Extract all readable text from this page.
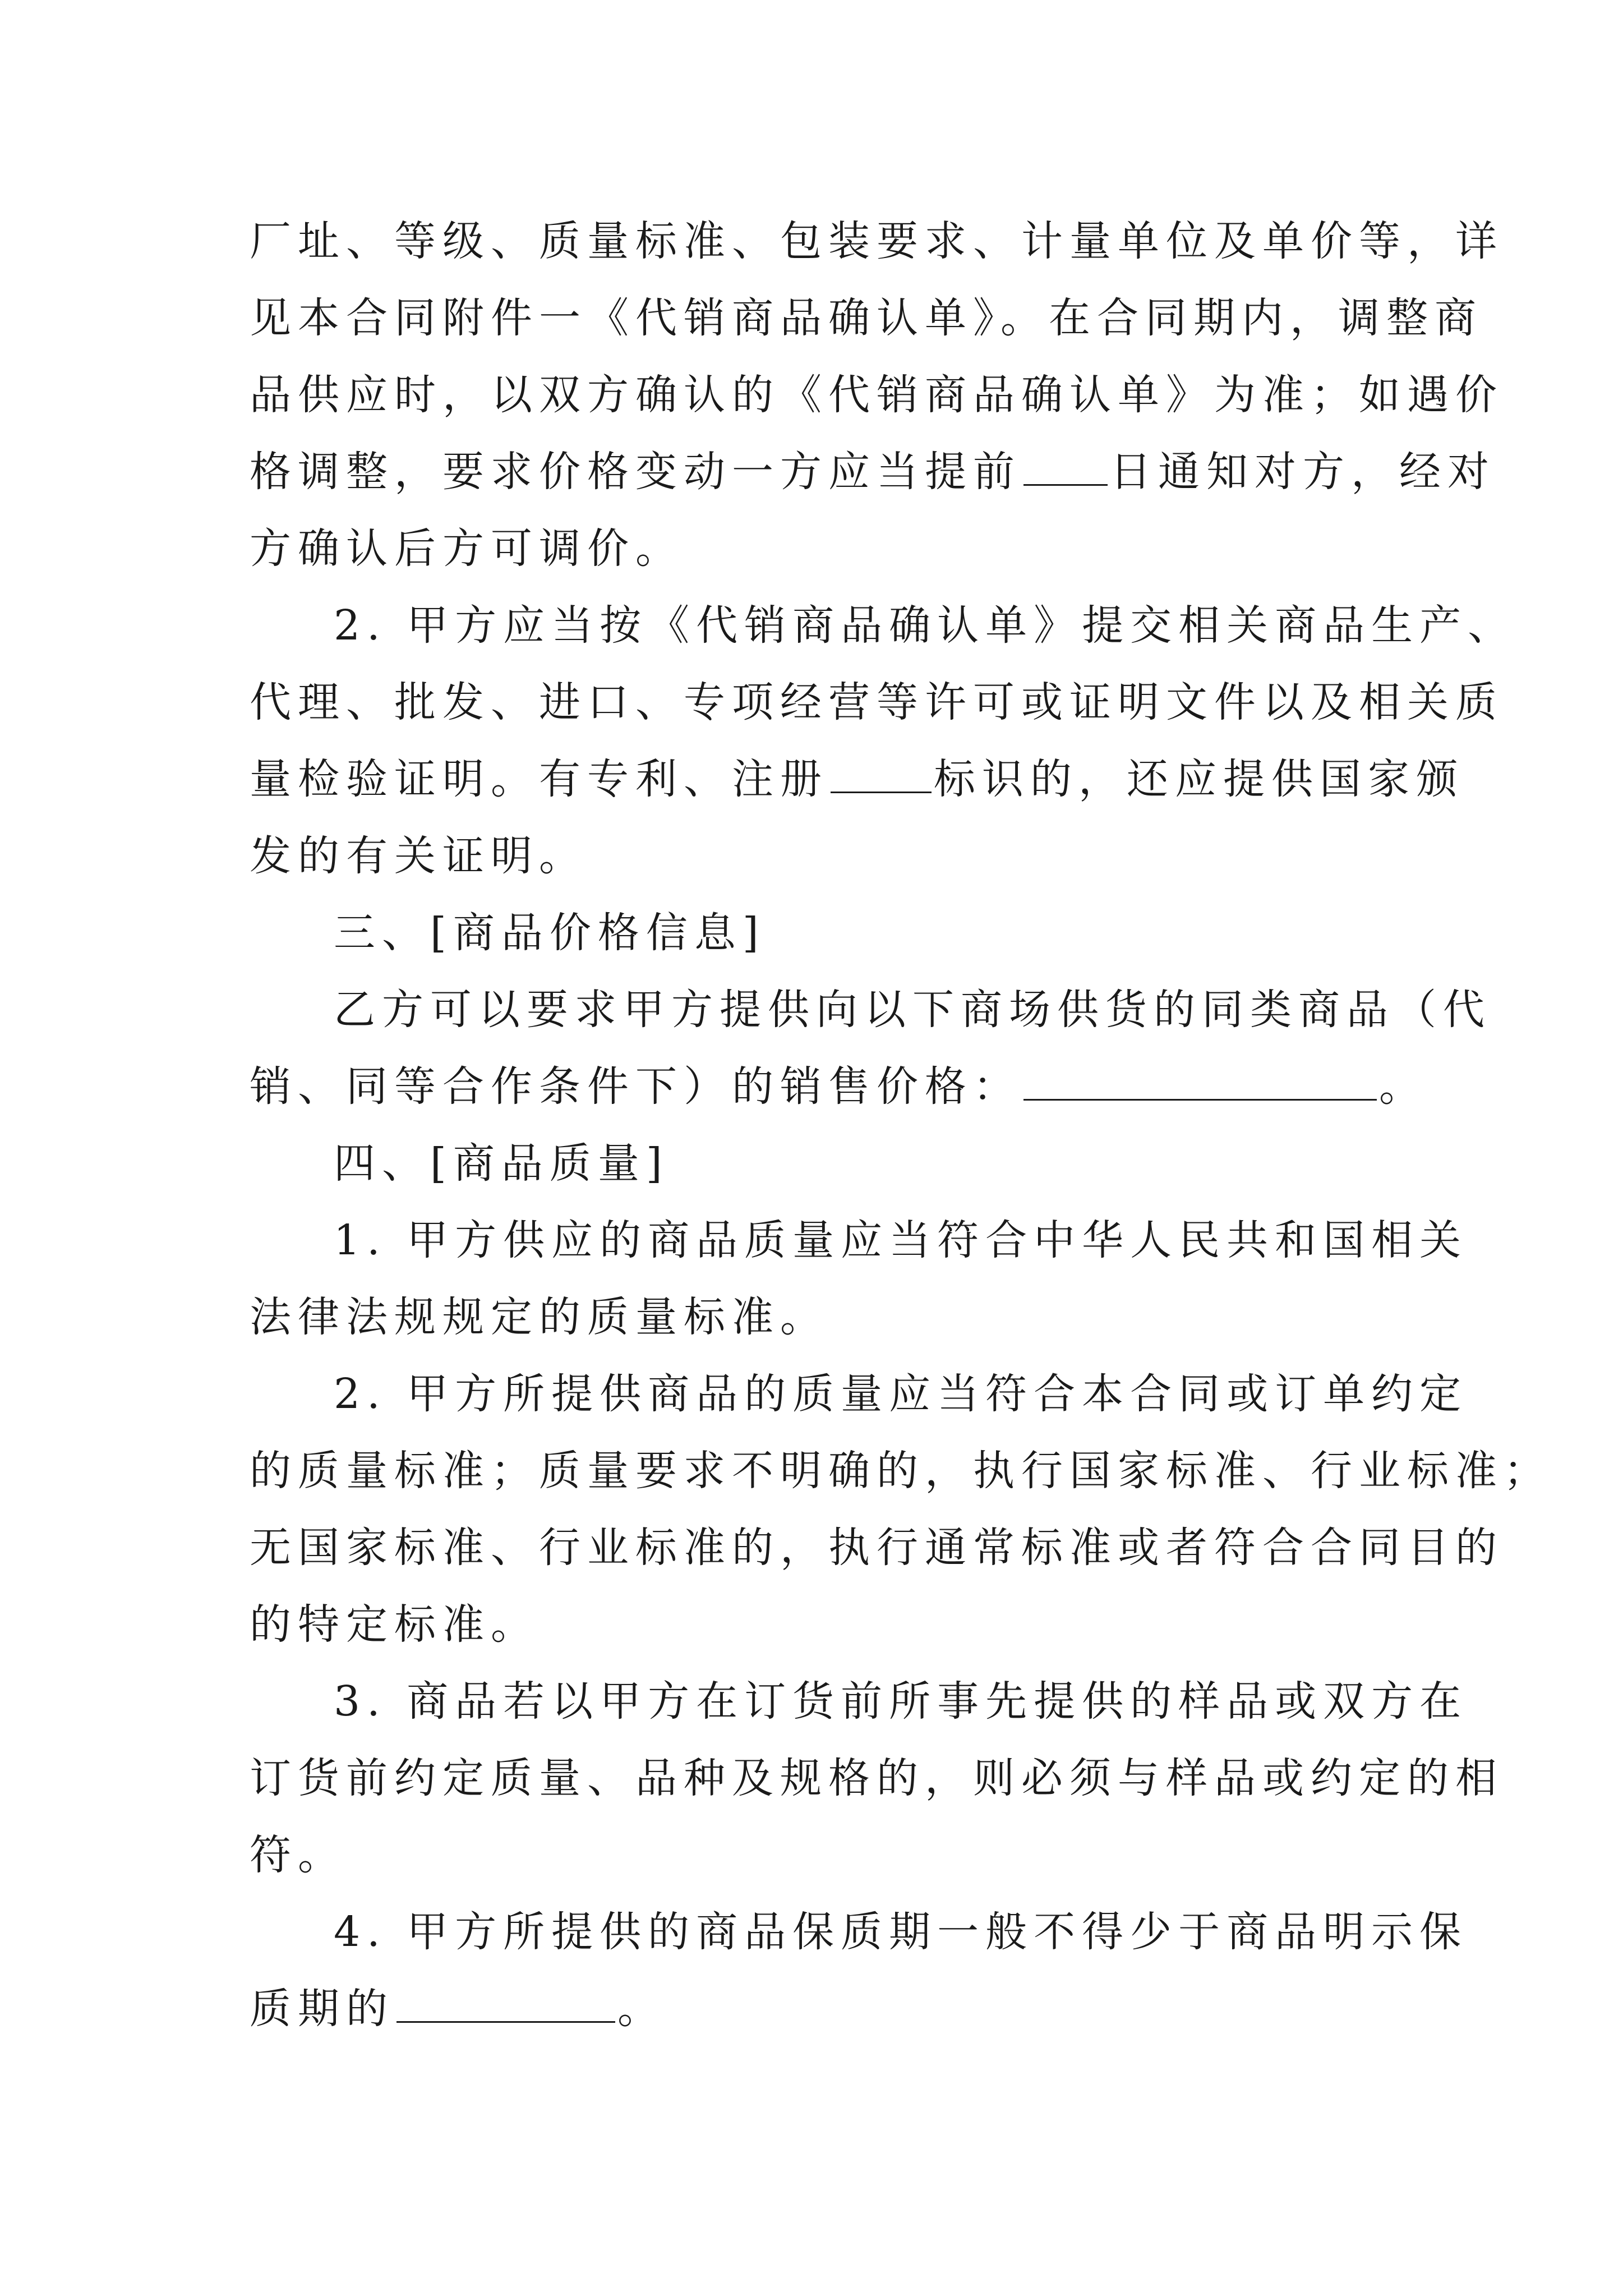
厂址、等级、质量标准、包装要求、计量单位及单价等，详
见本合同附件一《代销商品确认单》。在合同期内，调整商
品供应时，以双方确认的《代销商品确认单》为准；如遇价
格调整，要求价格变动一方应当提前 日通知对方，经对
方确认后方可调价。
2. 甲方应当按《代销商品确认单》提交相关商品生产、
代理、批发、进口、专项经营等许可或证明文件以及相关质
量检验证明。有专利、注册	标识的，还应提供国家颁
发的有关证明。
三、[商品价格信息]
乙方可以要求甲方提供向以下商场供货的同类商品（代
销、同等合作条件下）的销售价格：	。
四、[商品质量]
1. 甲方供应的商品质量应当符合中华人民共和国相关
法律法规规定的质量标准。
2. 甲方所提供商品的质量应当符合本合同或订单约定
的质量标准；质量要求不明确的，执行国家标准、行业标准；
无国家标准、行业标准的，执行通常标准或者符合合同目的
的特定标准。
3. 商品若以甲方在订货前所事先提供的样品或双方在
订货前约定质量、品种及规格的，则必须与样品或约定的相
符。
4. 甲方所提供的商品保质期一般不得少于商品明示保
质期的	。
